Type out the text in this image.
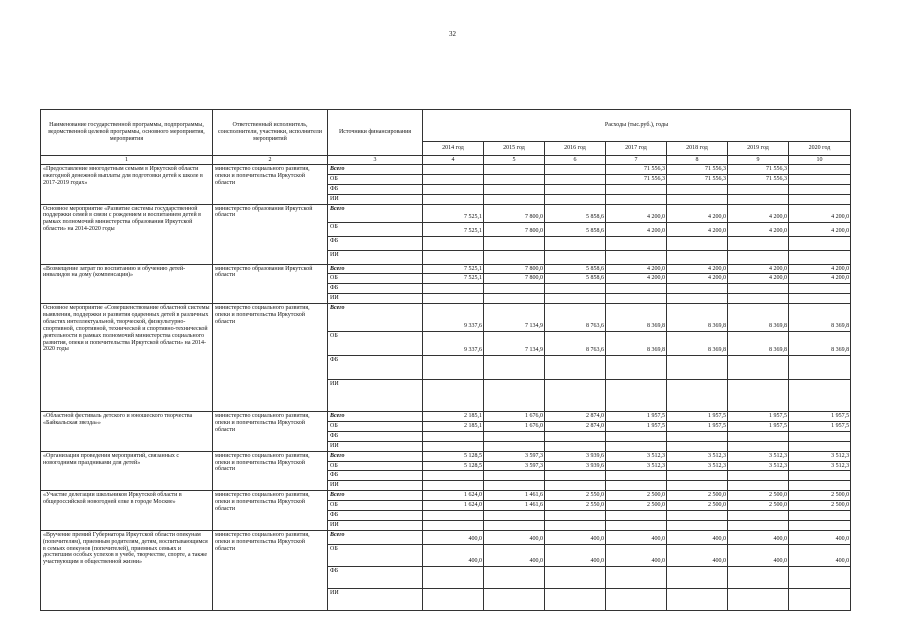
32
Наименование государственной программы, подпрограммы, ведомственной целевой программы, основного мероприятия, мероприятия	Ответственный исполнитель, соисполнители, участники, исполнители мероприятий	Источники финансирования	Расходы (тыс.руб.), годы						
			2014 год	2015 год	2016 год	2017 год	2018 год	2019 год	2020 год
1	2	3	4	5	6	7	8	9	10
«Предоставление многодетным семьям в Иркутской области ежегодной денежной выплаты для подготовки детей к школе в 2017-2019 годах»	министерство социального развития, опеки и попечительства Иркутской области	Всего				71 556,3	71 556,3	71 556,3	
		ОБ				71 556,3	71 556,3	71 556,3	
		ФБ							
		ИИ							
Основное мероприятие «Развитие системы государственной поддержки семей в связи с рождением и воспитанием детей в рамках полномочий министерства образования Иркутской области» на 2014-2020 годы	министерство образования Иркутской области	Всего	7 525,1	7 800,0	5 858,6	4 200,0	4 200,0	4 200,0	4 200,0
		ОБ	7 525,1	7 800,0	5 858,6	4 200,0	4 200,0	4 200,0	4 200,0
		ФБ							
		ИИ							
«Возмещение затрат по воспитанию и обучению детей-инвалидов на дому (компенсация)»	министерство образования Иркутской области	Всего	7 525,1	7 800,0	5 858,6	4 200,0	4 200,0	4 200,0	4 200,0
		ОБ	7 525,1	7 800,0	5 858,6	4 200,0	4 200,0	4 200,0	4 200,0
		ФБ							
		ИИ							
Основное мероприятие «Совершенствование областной системы выявления, поддержки и развития одаренных детей в различных областях интеллектуальной, творческой, физкультурно-спортивной, спортивной, технической и спортивно-технической деятельности в рамках полномочий министерства социального развития, опеки и попечительства Иркутской области» на 2014-2020 годы	министерство социального развития, опеки и попечительства Иркутской области	Всего	9 337,6	7 134,9	8 763,6	8 369,8	8 369,8	8 369,8	8 369,8
		ОБ	9 337,6	7 134,9	8 763,6	8 369,8	8 369,8	8 369,8	8 369,8
		ФБ							
		ИИ							
«Областной фестиваль детского и юношеского творчества «Байкальская звезда»»	министерство социального развития, опеки и попечительства Иркутской области	Всего	2 185,1	1 676,0	2 874,0	1 957,5	1 957,5	1 957,5	1 957,5
		ОБ	2 185,1	1 676,0	2 874,0	1 957,5	1 957,5	1 957,5	1 957,5
		ФБ							
		ИИ							
«Организация проведения мероприятий, связанных с новогодними праздниками для детей»	министерство социального развития, опеки и попечительства Иркутской области	Всего	5 128,5	3 597,3	3 939,6	3 512,3	3 512,3	3 512,3	3 512,3
		ОБ	5 128,5	3 597,3	3 939,6	3 512,3	3 512,3	3 512,3	3 512,3
		ФБ							
		ИИ							
«Участие делегации школьников Иркутской области в общероссийской новогодней елке в городе Москве»	министерство социального развития, опеки и попечительства Иркутской области	Всего	1 624,0	1 461,6	2 550,0	2 500,0	2 500,0	2 500,0	2 500,0
		ОБ	1 624,0	1 461,6	2 550,0	2 500,0	2 500,0	2 500,0	2 500,0
		ФБ							
		ИИ							
«Вручение премий Губернатора Иркутской области опекунам (попечителям), приемным родителям, детям, воспитывающимся в семьях опекунов (попечителей), приемных семьях и достигшим особых успехов в учебе, творчестве, спорте, а также участвующим в общественной жизни»	министерство социального развития, опеки и попечительства Иркутской области	Всего	400,0	400,0	400,0	400,0	400,0	400,0	400,0
		ОБ	400,0	400,0	400,0	400,0	400,0	400,0	400,0
		ФБ							
		ИИ							
